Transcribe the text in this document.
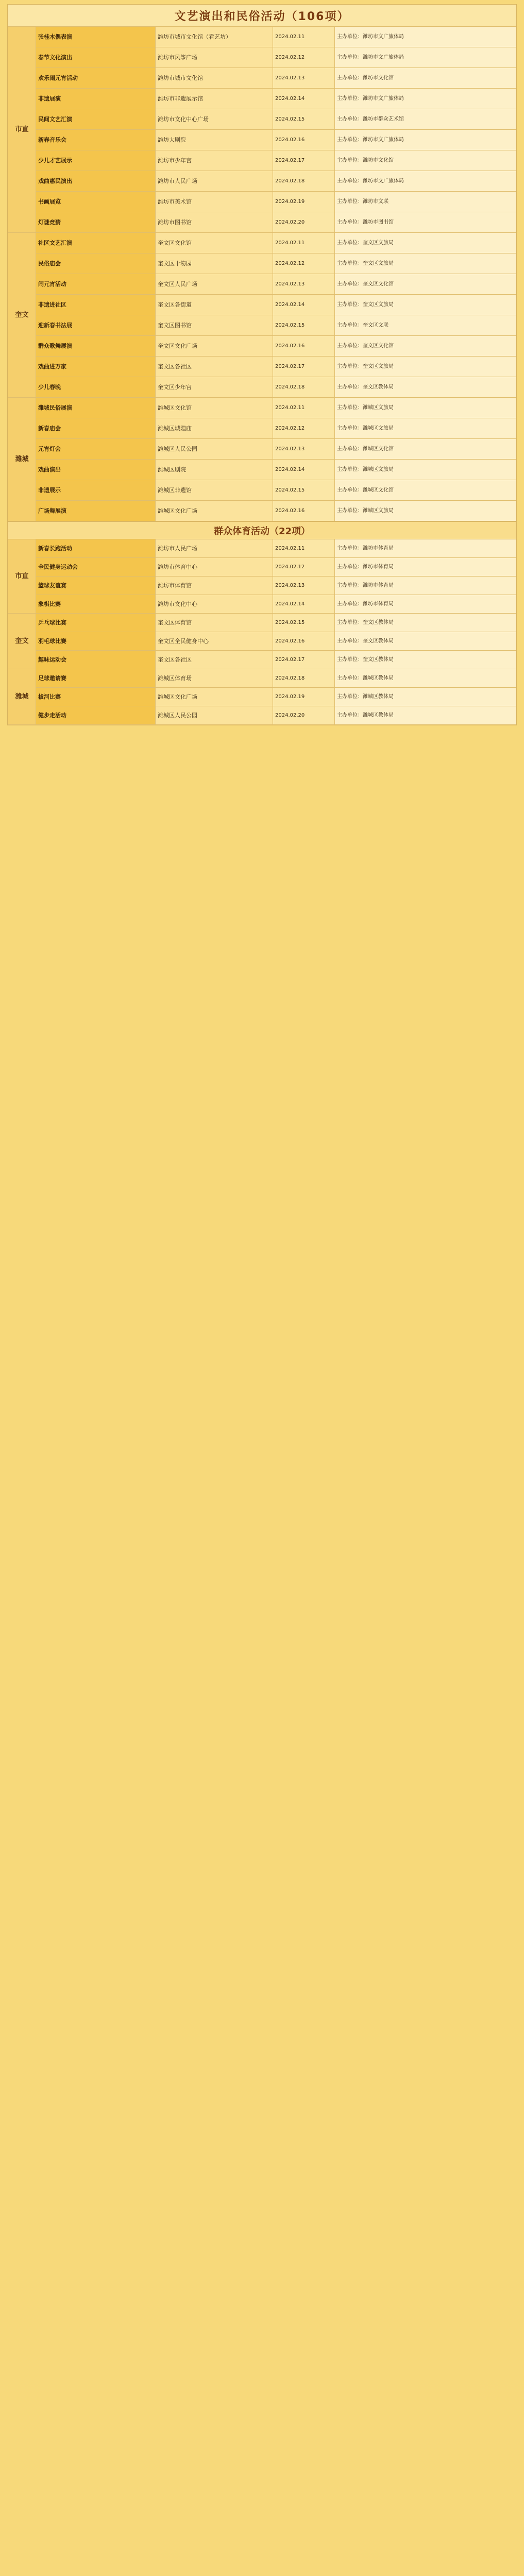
文艺演出和民俗活动（106项）
市直	张桂木偶表演	潍坊市城市文化馆（看艺坊）	2024.02.11	主办单位：潍坊市文广旅体局
	春节文化演出	潍坊市风筝广场	2024.02.12	主办单位：潍坊市文广旅体局
	欢乐闹元宵活动	潍坊市城市文化馆	2024.02.13	主办单位：潍坊市文化馆
	非遗展演	潍坊市非遗展示馆	2024.02.14	主办单位：潍坊市文广旅体局
	民间文艺汇演	潍坊市文化中心广场	2024.02.15	主办单位：潍坊市群众艺术馆
	新春音乐会	潍坊大剧院	2024.02.16	主办单位：潍坊市文广旅体局
	少儿才艺展示	潍坊市少年宫	2024.02.17	主办单位：潍坊市文化馆
	戏曲惠民演出	潍坊市人民广场	2024.02.18	主办单位：潍坊市文广旅体局
	书画展览	潍坊市美术馆	2024.02.19	主办单位：潍坊市文联
	灯谜竞猜	潍坊市图书馆	2024.02.20	主办单位：潍坊市图书馆
奎文	社区文艺汇演	奎文区文化馆	2024.02.11	主办单位：奎文区文旅局
	民俗庙会	奎文区十笏园	2024.02.12	主办单位：奎文区文旅局
	闹元宵活动	奎文区人民广场	2024.02.13	主办单位：奎文区文化馆
	非遗进社区	奎文区各街道	2024.02.14	主办单位：奎文区文旅局
	迎新春书法展	奎文区图书馆	2024.02.15	主办单位：奎文区文联
	群众歌舞展演	奎文区文化广场	2024.02.16	主办单位：奎文区文化馆
	戏曲进万家	奎文区各社区	2024.02.17	主办单位：奎文区文旅局
	少儿春晚	奎文区少年宫	2024.02.18	主办单位：奎文区教体局
潍城	潍城民俗展演	潍城区文化馆	2024.02.11	主办单位：潍城区文旅局
	新春庙会	潍城区城隍庙	2024.02.12	主办单位：潍城区文旅局
	元宵灯会	潍城区人民公园	2024.02.13	主办单位：潍城区文化馆
	戏曲演出	潍城区剧院	2024.02.14	主办单位：潍城区文旅局
	非遗展示	潍城区非遗馆	2024.02.15	主办单位：潍城区文化馆
	广场舞展演	潍城区文化广场	2024.02.16	主办单位：潍城区文旅局
群众体育活动（22项）
市直	新春长跑活动	潍坊市人民广场	2024.02.11	主办单位：潍坊市体育局
	全民健身运动会	潍坊市体育中心	2024.02.12	主办单位：潍坊市体育局
	篮球友谊赛	潍坊市体育馆	2024.02.13	主办单位：潍坊市体育局
	象棋比赛	潍坊市文化中心	2024.02.14	主办单位：潍坊市体育局
奎文	乒乓球比赛	奎文区体育馆	2024.02.15	主办单位：奎文区教体局
	羽毛球比赛	奎文区全民健身中心	2024.02.16	主办单位：奎文区教体局
	趣味运动会	奎文区各社区	2024.02.17	主办单位：奎文区教体局
潍城	足球邀请赛	潍城区体育场	2024.02.18	主办单位：潍城区教体局
	拔河比赛	潍城区文化广场	2024.02.19	主办单位：潍城区教体局
	健步走活动	潍城区人民公园	2024.02.20	主办单位：潍城区教体局
